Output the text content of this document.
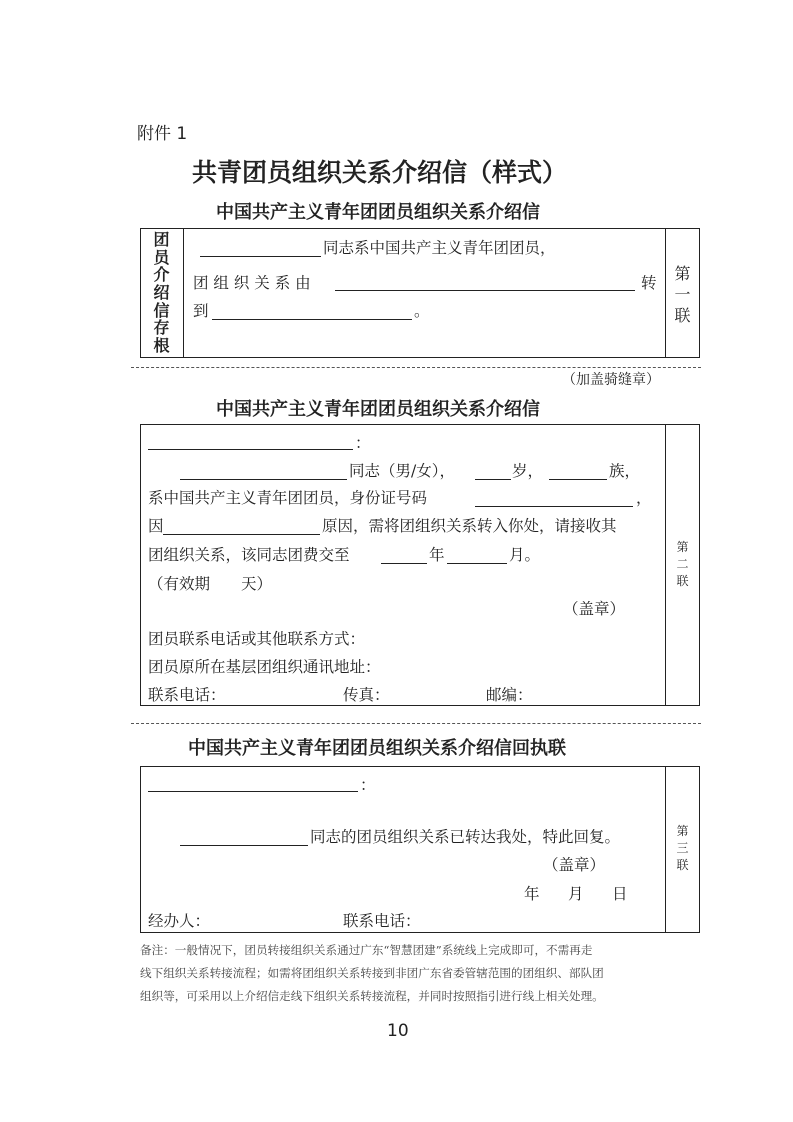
附件 1
共青团员组织关系介绍信（样式）
中国共产主义青年团团员组织关系介绍信
团
员
介
绍
信
存
根
第
一
联
同志系中国共产主义青年团团员，
团 组 织 关 系 由	转
到	。
（加盖骑缝章）
中国共产主义青年团团员组织关系介绍信
第
二
联
：
同志（男/女），	岁，	族，
系中国共产主义青年团团员，身份证号码	，
因	原因，需将团组织关系转入你处，请接收其
团组织关系，该同志团费交至	年	月。
（有效期　　天）
（盖章）
团员联系电话或其他联系方式：
团员原所在基层团组织通讯地址：
联系电话：	传真：	邮编：
中国共产主义青年团团员组织关系介绍信回执联
第
三
联
：
同志的团员组织关系已转达我处，特此回复。
（盖章）
年 月 日
经办人：	联系电话：
备注：一般情况下，团员转接组织关系通过广东“智慧团建”系统线上完成即可，不需再走
线下组织关系转接流程；如需将团组织关系转接到非团广东省委管辖范围的团组织、部队团
组织等，可采用以上介绍信走线下组织关系转接流程，并同时按照指引进行线上相关处理。
10
